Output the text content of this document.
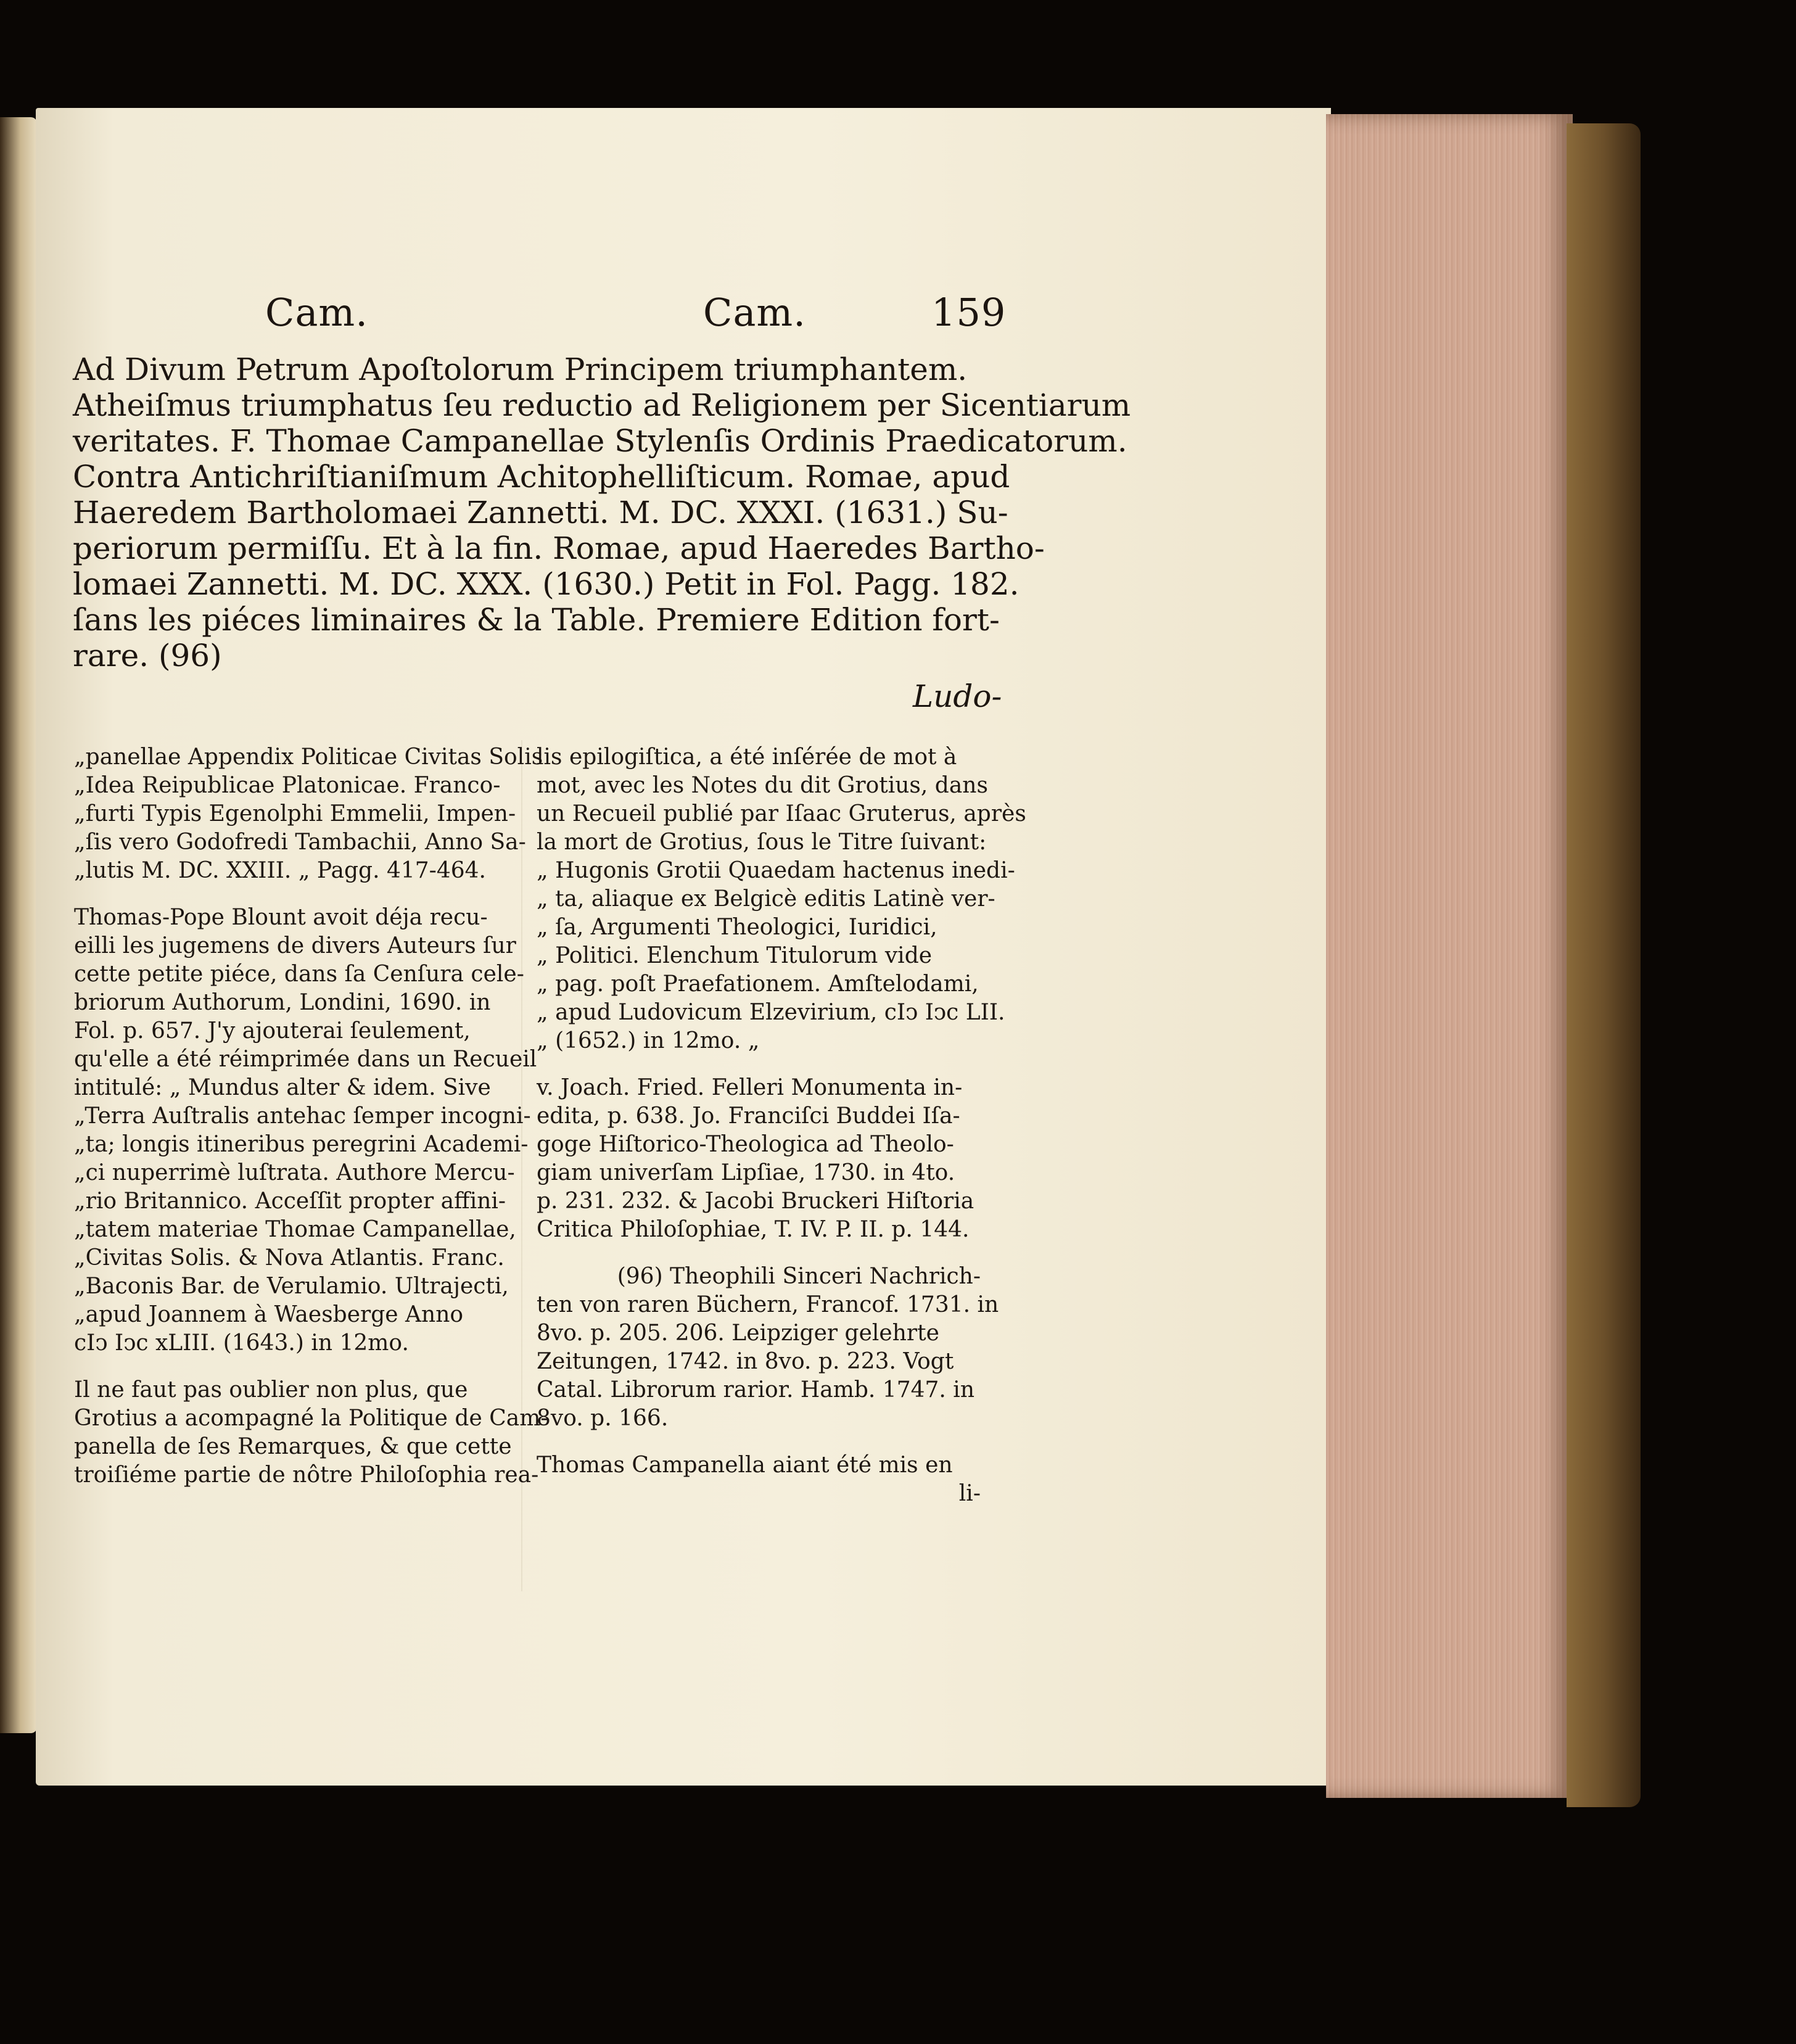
Cam.	Cam.	159
Ad Divum Petrum Apoſtolorum Principem triumphantem.
Atheiſmus triumphatus ſeu reductio ad Religionem per Sicentiarum
veritates. F. Thomae Campanellae Stylenſis Ordinis Praedicatorum.
Contra Antichriſtianiſmum Achitophelliſticum. Romae, apud
Haeredem Bartholomaei Zannetti. M. DC. XXXI. (1631.) Su-
periorum permiſſu. Et à la fin. Romae, apud Haeredes Bartho-
lomaei Zannetti. M. DC. XXX. (1630.) Petit in Fol. Pagg. 182.
ſans les piéces liminaires & la Table. Premiere Edition fort-
rare. (96)
Ludo-
„panellae Appendix Politicae Civitas Solis
„Idea Reipublicae Platonicae. Franco-
„furti Typis Egenolphi Emmelii, Impen-
„ſis vero Godofredi Tambachii, Anno Sa-
„lutis M. DC. XXIII. „ Pagg. 417-464.
Thomas-Pope Blount avoit déja recu-
eilli les jugemens de divers Auteurs ſur
cette petite piéce, dans ſa Cenſura cele-
briorum Authorum, Londini, 1690. in
Fol. p. 657. J'y ajouterai ſeulement,
qu'elle a été réimprimée dans un Recueil
intitulé: „ Mundus alter & idem. Sive
„Terra Auſtralis antehac ſemper incogni-
„ta; longis itineribus peregrini Academi-
„ci nuperrimè luſtrata. Authore Mercu-
„rio Britannico. Acceſſit propter affini-
„tatem materiae Thomae Campanellae,
„Civitas Solis. & Nova Atlantis. Franc.
„Baconis Bar. de Verulamio. Ultrajecti,
„apud Joannem à Waesberge Anno
cIↄ Iↄc xLIII. (1643.) in 12mo.
Il ne faut pas oublier non plus, que
Grotius a acompagné la Politique de Cam-
panella de ſes Remarques, & que cette
troiſiéme partie de nôtre Philoſophia rea-
lis epilogiſtica, a été inſérée de mot à
mot, avec les Notes du dit Grotius, dans
un Recueil publié par Iſaac Gruterus, après
la mort de Grotius, ſous le Titre ſuivant:
„ Hugonis Grotii Quaedam hactenus inedi-
„ ta, aliaque ex Belgicè editis Latinè ver-
„ ſa, Argumenti Theologici, Iuridici,
„ Politici. Elenchum Titulorum vide
„ pag. poſt Praefationem. Amſtelodami,
„ apud Ludovicum Elzevirium, cIↄ Iↄc LII.
„ (1652.) in 12mo. „
v. Joach. Fried. Felleri Monumenta in-
edita, p. 638. Jo. Franciſci Buddei Iſa-
goge Hiſtorico-Theologica ad Theolo-
giam univerſam Lipſiae, 1730. in 4to.
p. 231. 232. & Jacobi Bruckeri Hiſtoria
Critica Philoſophiae, T. IV. P. II. p. 144.
(96) Theophili Sinceri Nachrich-
ten von raren Büchern, Francof. 1731. in
8vo. p. 205. 206. Leipziger gelehrte
Zeitungen, 1742. in 8vo. p. 223. Vogt
Catal. Librorum rarior. Hamb. 1747. in
8vo. p. 166.
Thomas Campanella aiant été mis en
li-
